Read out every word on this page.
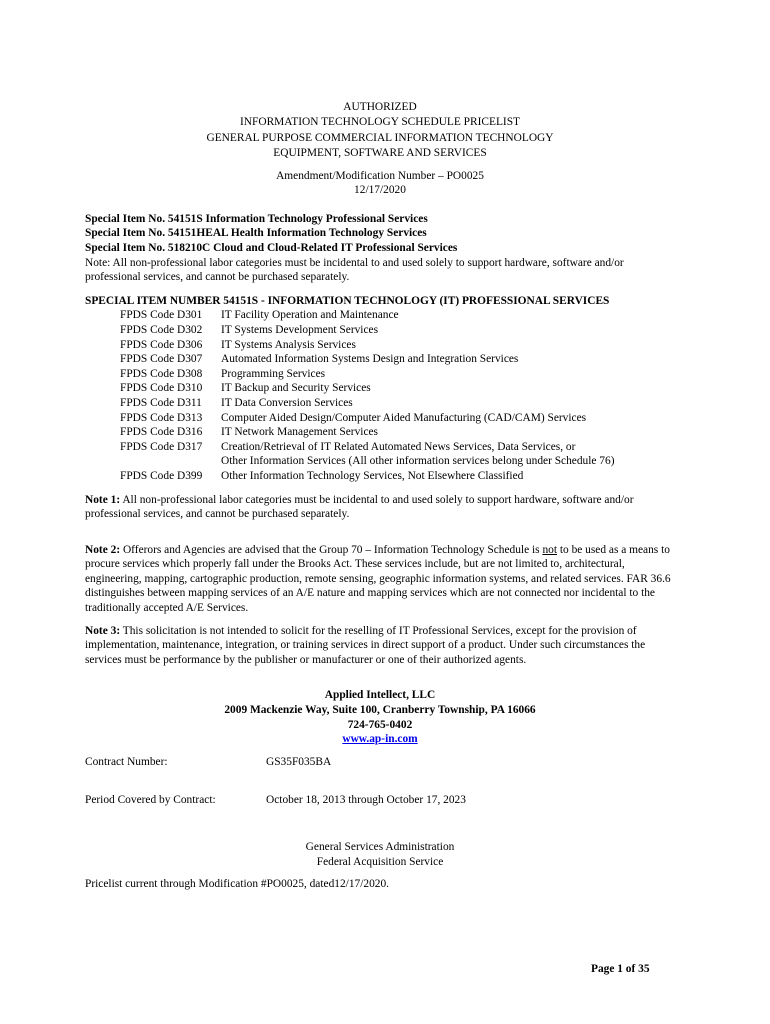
AUTHORIZED
INFORMATION TECHNOLOGY SCHEDULE PRICELIST
GENERAL PURPOSE COMMERCIAL INFORMATION TECHNOLOGY
EQUIPMENT, SOFTWARE AND SERVICES
Amendment/Modification Number – PO0025
12/17/2020
Special Item No. 54151S Information Technology Professional Services
Special Item No. 54151HEAL Health Information Technology Services
Special Item No. 518210C Cloud and Cloud-Related IT Professional Services
Note: All non-professional labor categories must be incidental to and used solely to support hardware, software and/or professional services, and cannot be purchased separately.
SPECIAL ITEM NUMBER 54151S - INFORMATION TECHNOLOGY (IT) PROFESSIONAL SERVICES
FPDS Code D301	IT Facility Operation and Maintenance
FPDS Code D302	IT Systems Development Services
FPDS Code D306	IT Systems Analysis Services
FPDS Code D307	Automated Information Systems Design and Integration Services
FPDS Code D308	Programming Services
FPDS Code D310	IT Backup and Security Services
FPDS Code D311	IT Data Conversion Services
FPDS Code D313	Computer Aided Design/Computer Aided Manufacturing (CAD/CAM) Services
FPDS Code D316	IT Network Management Services
FPDS Code D317	Creation/Retrieval of IT Related Automated News Services, Data Services, or
Other Information Services (All other information services belong under Schedule 76)
FPDS Code D399	Other Information Technology Services, Not Elsewhere Classified
Note 1: All non-professional labor categories must be incidental to and used solely to support hardware, software and/or professional services, and cannot be purchased separately.
Note 2: Offerors and Agencies are advised that the Group 70 – Information Technology Schedule is not to be used as a means to procure services which properly fall under the Brooks Act. These services include, but are not limited to, architectural, engineering, mapping, cartographic production, remote sensing, geographic information systems, and related services. FAR 36.6 distinguishes between mapping services of an A/E nature and mapping services which are not connected nor incidental to the traditionally accepted A/E Services.
Note 3: This solicitation is not intended to solicit for the reselling of IT Professional Services, except for the provision of implementation, maintenance, integration, or training services in direct support of a product. Under such circumstances the services must be performance by the publisher or manufacturer or one of their authorized agents.
Applied Intellect, LLC
2009 Mackenzie Way, Suite 100, Cranberry Township, PA 16066
724-765-0402
www.ap-in.com
Contract Number:	GS35F035BA
Period Covered by Contract:	October 18, 2013 through October 17, 2023
General Services Administration
Federal Acquisition Service
Pricelist current through Modification #PO0025, dated12/17/2020.
Page 1 of 35
